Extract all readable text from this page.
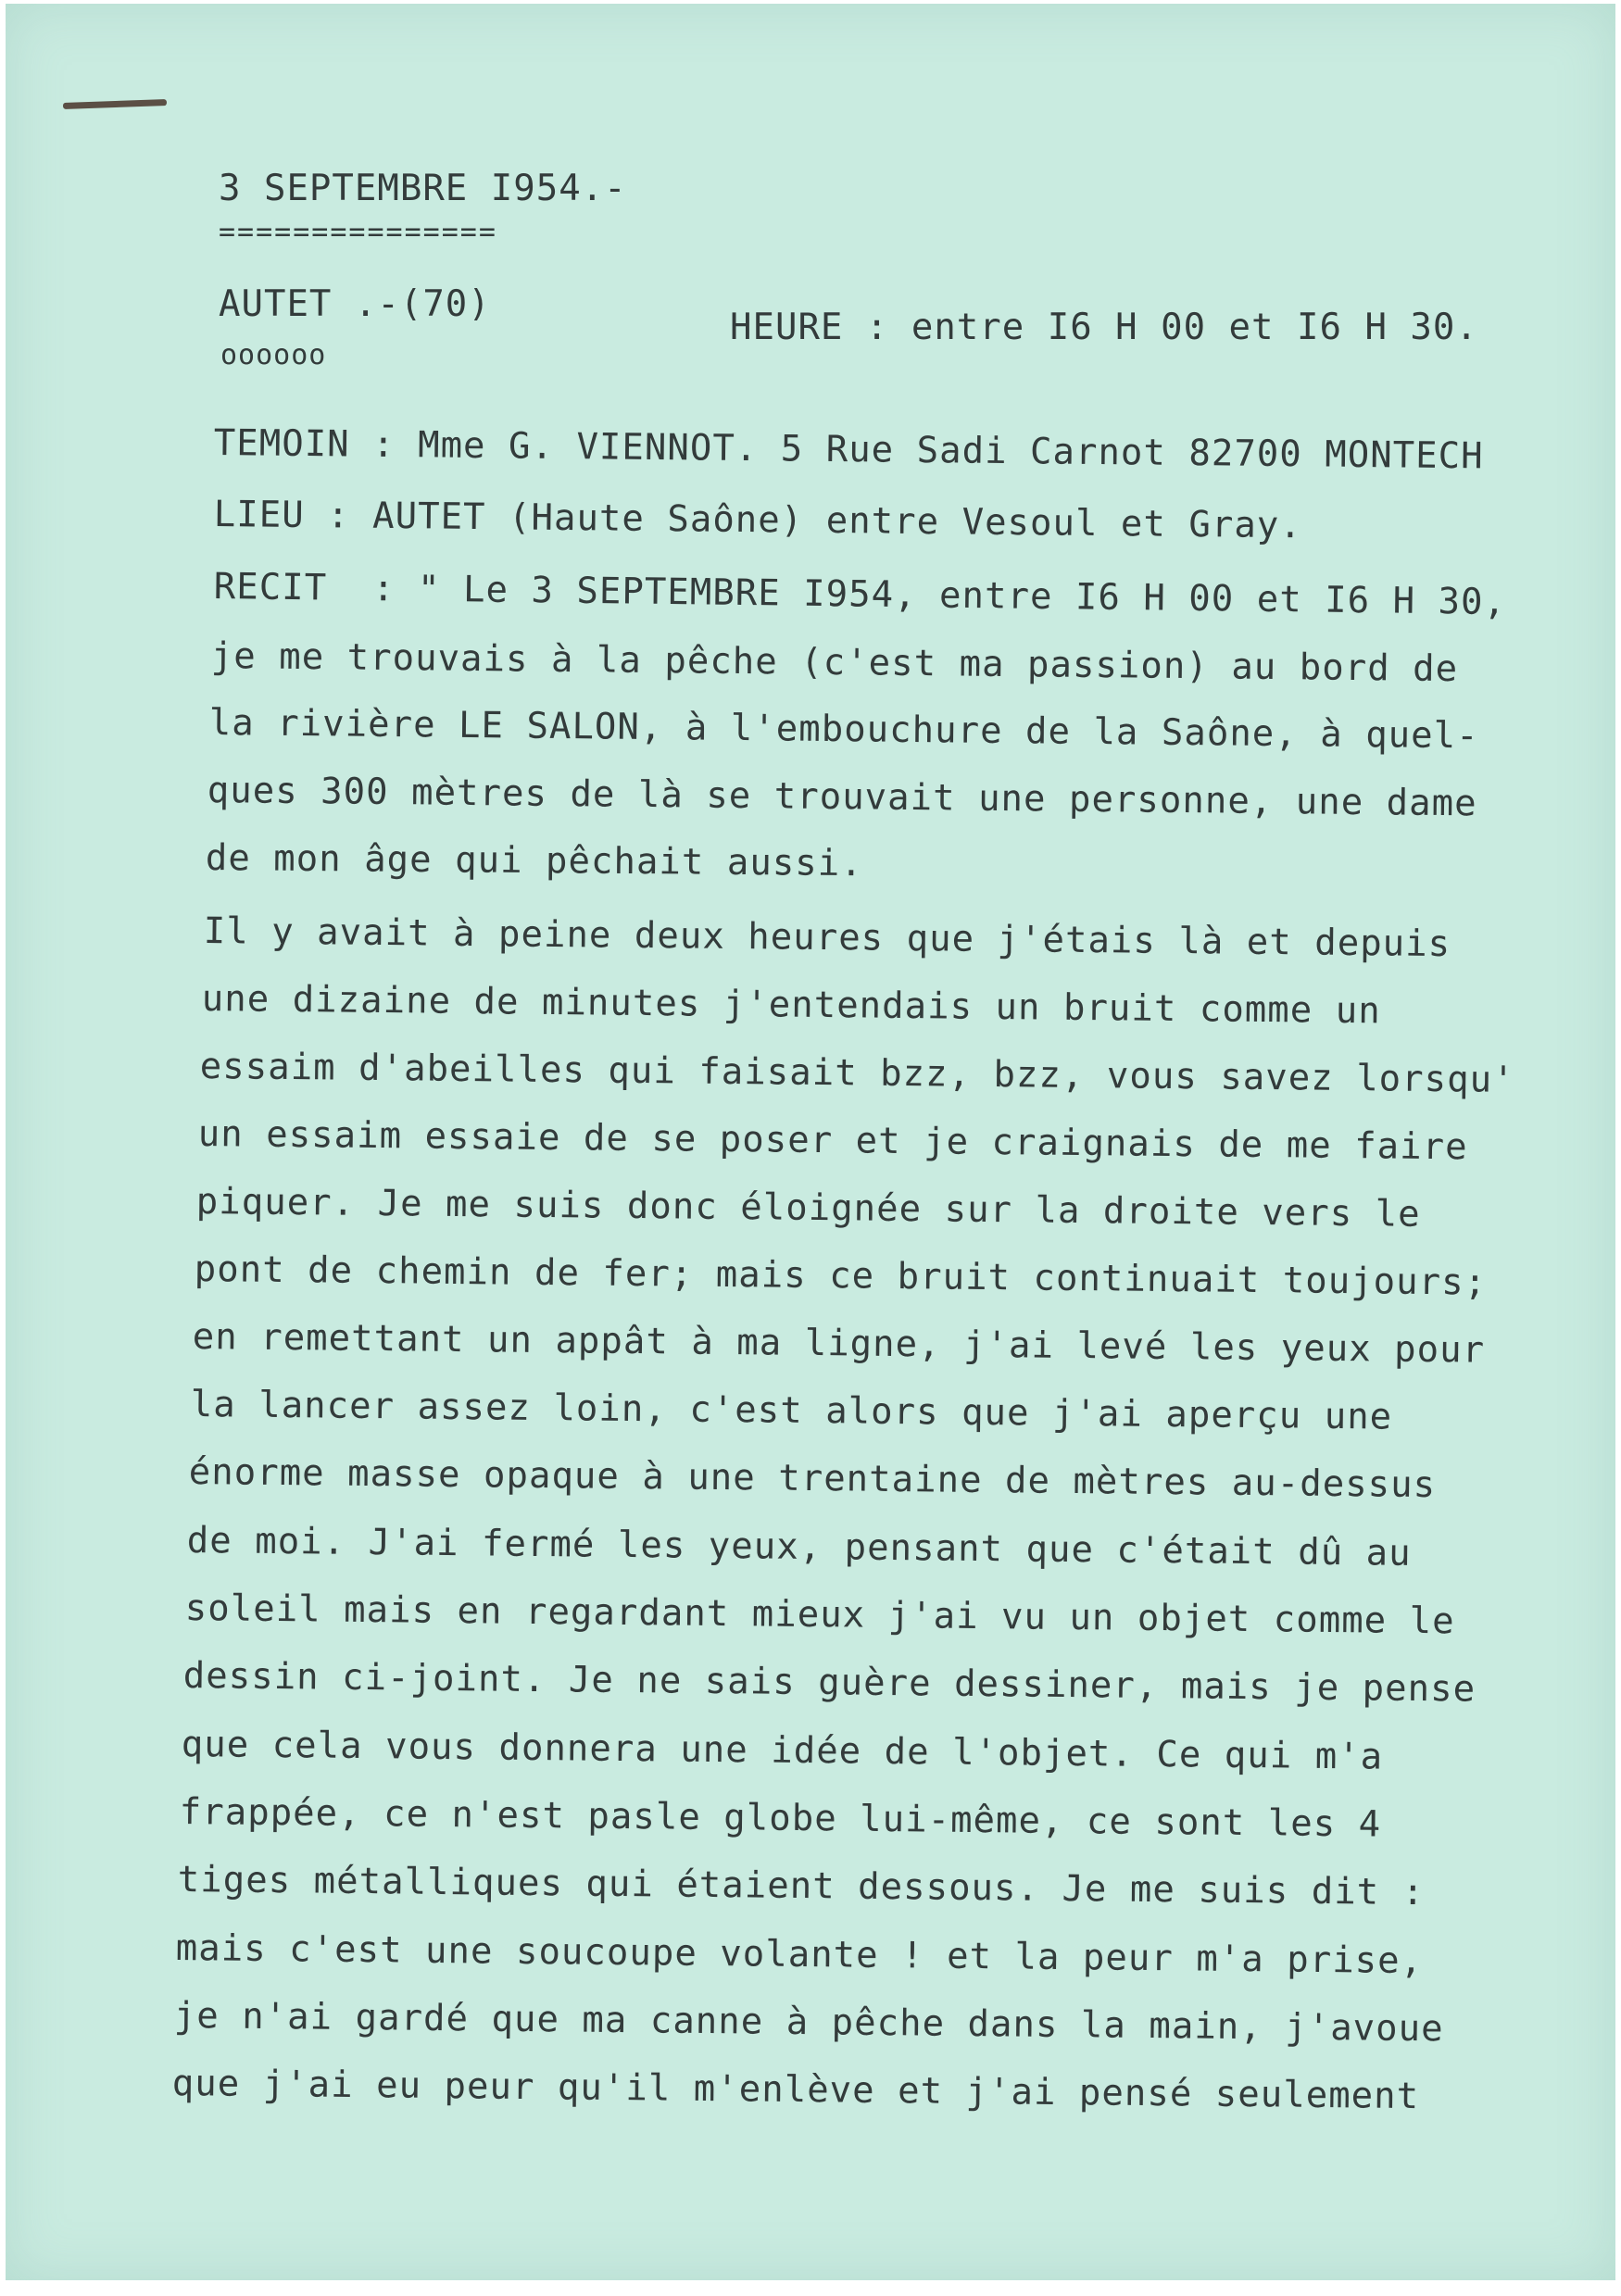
3 SEPTEMBRE I954.-
===============
AUTET .-(70)
oooooo
HEURE : entre I6 H 00 et I6 H 30.
TEMOIN : Mme G. VIENNOT. 5 Rue Sadi Carnot 82700 MONTECH
LIEU : AUTET (Haute Saône) entre Vesoul et Gray.
RECIT  : " Le 3 SEPTEMBRE I954, entre I6 H 00 et I6 H 30,
je me trouvais à la pêche (c'est ma passion) au bord de
la rivière LE SALON, à l'embouchure de la Saône, à quel-
ques 300 mètres de là se trouvait une personne, une dame
de mon âge qui pêchait aussi.
Il y avait à peine deux heures que j'étais là et depuis
une dizaine de minutes j'entendais un bruit comme un
essaim d'abeilles qui faisait bzz, bzz, vous savez lorsqu'
un essaim essaie de se poser et je craignais de me faire
piquer. Je me suis donc éloignée sur la droite vers le
pont de chemin de fer; mais ce bruit continuait toujours;
en remettant un appât à ma ligne, j'ai levé les yeux pour
la lancer assez loin, c'est alors que j'ai aperçu une
énorme masse opaque à une trentaine de mètres au-dessus
de moi. J'ai fermé les yeux, pensant que c'était dû au
soleil mais en regardant mieux j'ai vu un objet comme le
dessin ci-joint. Je ne sais guère dessiner, mais je pense
que cela vous donnera une idée de l'objet. Ce qui m'a
frappée, ce n'est pasle globe lui-même, ce sont les 4
tiges métalliques qui étaient dessous. Je me suis dit :
mais c'est une soucoupe volante ! et la peur m'a prise,
je n'ai gardé que ma canne à pêche dans la main, j'avoue
que j'ai eu peur qu'il m'enlève et j'ai pensé seulement
